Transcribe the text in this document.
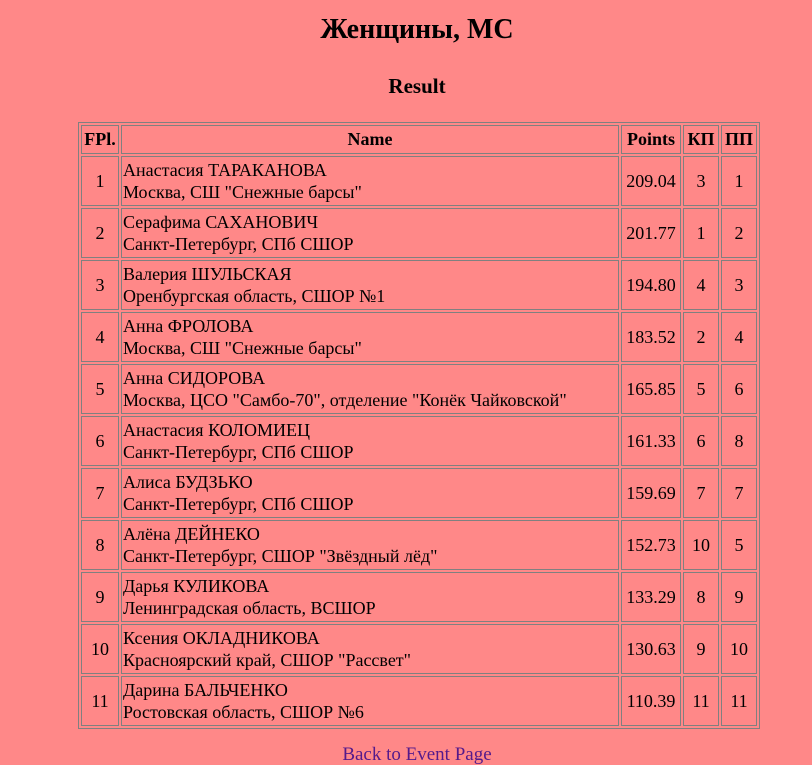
Женщины, МС
Result
FPl.	Name	Points	КП	ПП
1	Анастасия ТАРАКАНОВА
Москва, СШ "Снежные барсы"	209.04	3	1
2	Серафима САХАНОВИЧ
Санкт-Петербург, СПб СШОР	201.77	1	2
3	Валерия ШУЛЬСКАЯ
Оренбургская область, СШОР №1	194.80	4	3
4	Анна ФРОЛОВА
Москва, СШ "Снежные барсы"	183.52	2	4
5	Анна СИДОРОВА
Москва, ЦСО "Самбо-70", отделение "Конёк Чайковской"	165.85	5	6
6	Анастасия КОЛОМИЕЦ
Санкт-Петербург, СПб СШОР	161.33	6	8
7	Алиса БУДЗЬКО
Санкт-Петербург, СПб СШОР	159.69	7	7
8	Алёна ДЕЙНЕКО
Санкт-Петербург, СШОР "Звёздный лёд"	152.73	10	5
9	Дарья КУЛИКОВА
Ленинградская область, ВСШОР	133.29	8	9
10	Ксения ОКЛАДНИКОВА
Красноярский край, СШОР "Рассвет"	130.63	9	10
11	Дарина БАЛЬЧЕНКО
Ростовская область, СШОР №6	110.39	11	11
Back to Event Page
